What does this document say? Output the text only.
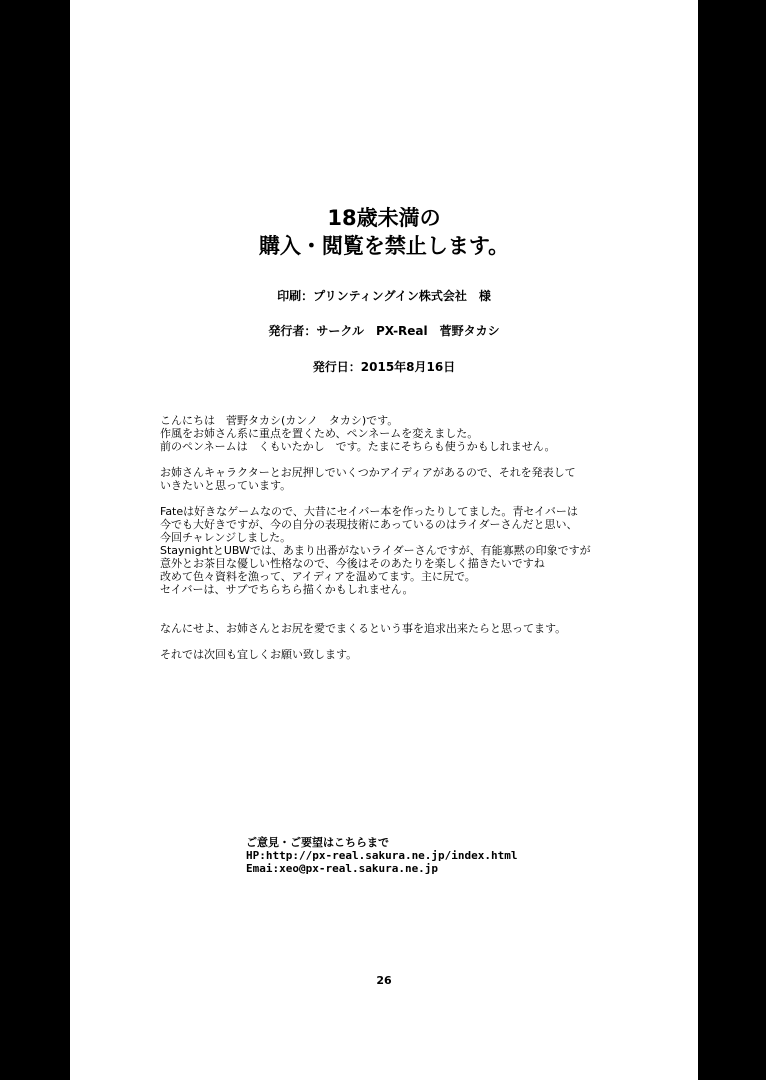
18歳未満の
購入・閲覧を禁止します。
印刷：プリンティングイン株式会社　様
発行者：サークル　PX-Real　菅野タカシ
発行日：2015年8月16日

こんにちは　菅野タカシ(カンノ　タカシ)です。
作風をお姉さん系に重点を置くため、ペンネームを変えました。
前のペンネームは　くもいたかし　です。たまにそちらも使うかもしれません。

お姉さんキャラクターとお尻押しでいくつかアイディアがあるので、それを発表して
いきたいと思っています。

Fateは好きなゲームなので、大昔にセイバー本を作ったりしてました。青セイバーは
今でも大好きですが、今の自分の表現技術にあっているのはライダーさんだと思い、
今回チャレンジしました。
StaynightとUBWでは、あまり出番がないライダーさんですが、有能寡黙の印象ですが
意外とお茶目な優しい性格なので、今後はそのあたりを楽しく描きたいですね
改めて色々資料を漁って、アイディアを温めてます。主に尻で。
セイバーは、サブでちらちら描くかもしれません。

なんにせよ、お姉さんとお尻を愛でまくるという事を追求出来たらと思ってます。

それでは次回も宜しくお願い致します。

ご意見・ご要望はこちらまで
HP:http://px-real.sakura.ne.jp/index.html
Emai:xeo@px-real.sakura.ne.jp
26
